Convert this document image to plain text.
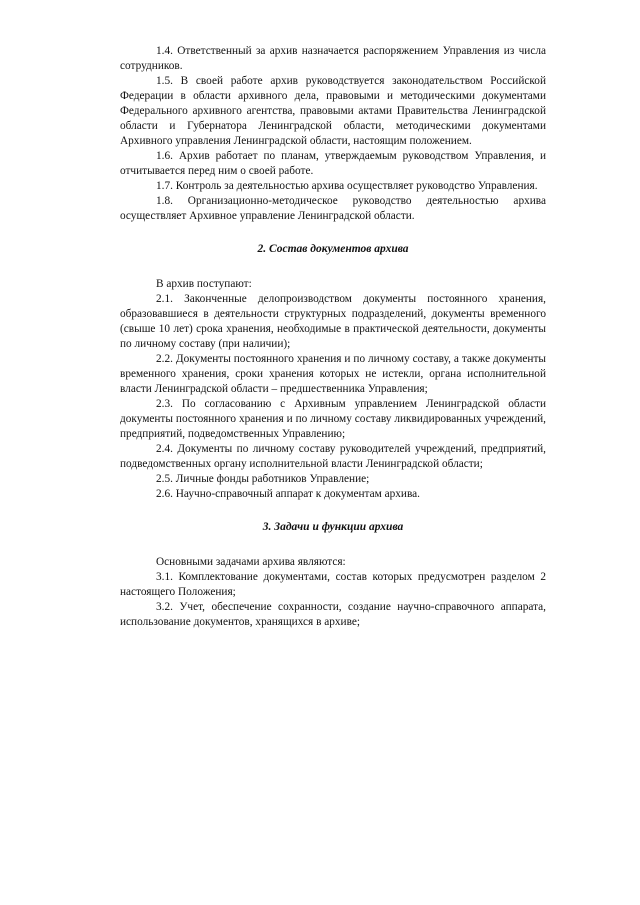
1.4. Ответственный за архив назначается распоряжением Управления из числа сотрудников.

1.5. В своей работе архив руководствуется законодательством Российской Федерации в области архивного дела, правовыми и методическими документами Федерального архивного агентства, правовыми актами Правительства Ленинградской области и Губернатора Ленинградской области, методическими документами Архивного управления Ленинградской области, настоящим положением.

1.6. Архив работает по планам, утверждаемым руководством Управления, и отчитывается перед ним о своей работе.

1.7. Контроль за деятельностью архива осуществляет руководство Управления.

1.8. Организационно-методическое руководство деятельностью архива осуществляет Архивное управление Ленинградской области.

2. Состав документов архива

В архив поступают:

2.1. Законченные делопроизводством документы постоянного хранения, образовавшиеся в деятельности структурных подразделений, документы временного (свыше 10 лет) срока хранения, необходимые в практической деятельности, документы по личному составу (при наличии);

2.2. Документы постоянного хранения и по личному составу, а также документы временного хранения, сроки хранения которых не истекли, органа исполнительной власти Ленинградской области – предшественника Управления;

2.3. По согласованию с Архивным управлением Ленинградской области документы постоянного хранения и по личному составу ликвидированных учреждений, предприятий, подведомственных Управлению;

2.4. Документы по личному составу руководителей учреждений, предприятий, подведомственных органу исполнительной власти Ленинградской области;

2.5. Личные фонды работников Управление;

2.6. Научно-справочный аппарат к документам архива.

3. Задачи и функции архива

Основными задачами архива являются:

3.1. Комплектование документами, состав которых предусмотрен разделом 2 настоящего Положения;

3.2. Учет, обеспечение сохранности, создание научно-справочного аппарата, использование документов, хранящихся в архиве;
